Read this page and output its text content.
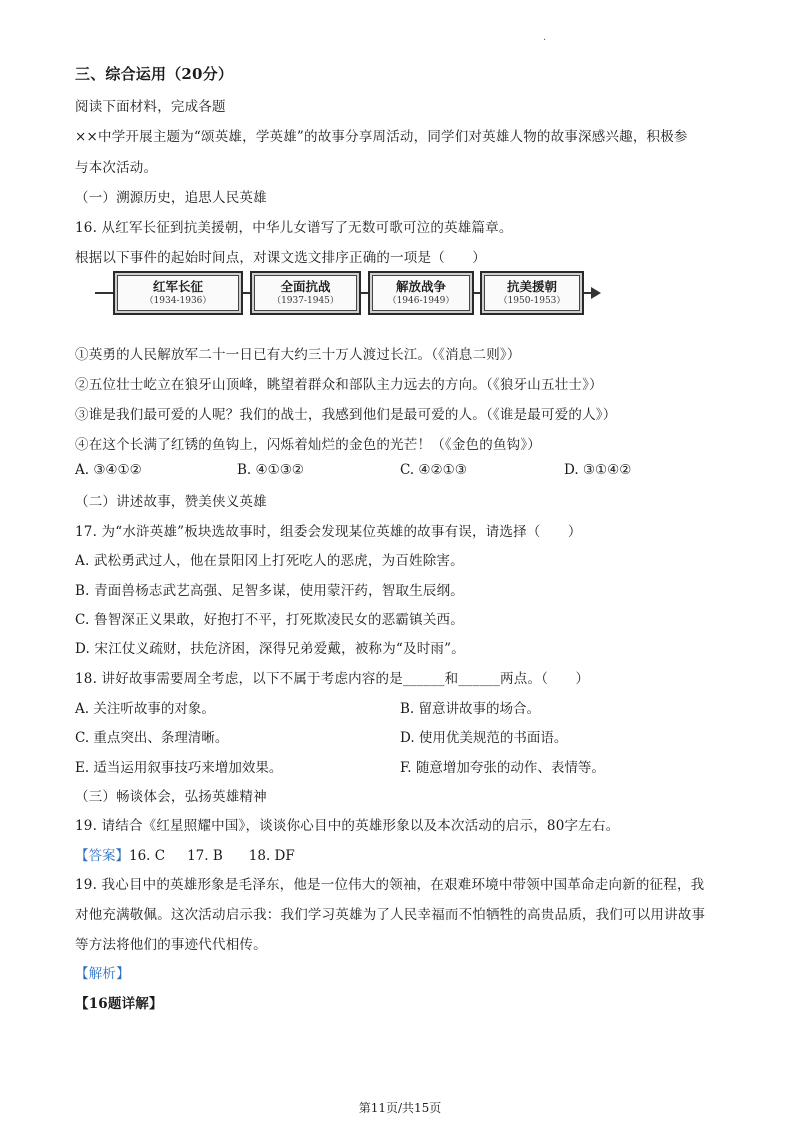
.
三、综合运用（20分）
阅读下面材料，完成各题
××中学开展主题为“颂英雄，学英雄”的故事分享周活动，同学们对英雄人物的故事深感兴趣，积极参
与本次活动。
（一）溯源历史，追思人民英雄
16. 从红军长征到抗美援朝，中华儿女谱写了无数可歌可泣的英雄篇章。
根据以下事件的起始时间点，对课文选文排序正确的一项是（　　）
红军长征
（1934-1936）
全面抗战
（1937-1945）
解放战争
（1946-1949）
抗美援朝
（1950-1953）
①英勇的人民解放军二十一日已有大约三十万人渡过长江。（《消息二则》）
②五位壮士屹立在狼牙山顶峰，眺望着群众和部队主力远去的方向。（《狼牙山五壮士》）
③谁是我们最可爱的人呢？我们的战士，我感到他们是最可爱的人。（《谁是最可爱的人》）
④在这个长满了红锈的鱼钩上，闪烁着灿烂的金色的光芒！（《金色的鱼钩》）
A. ③④①②	B. ④①③②	C. ④②①③	D. ③①④②
（二）讲述故事，赞美侠义英雄
17. 为“水浒英雄”板块选故事时，组委会发现某位英雄的故事有误，请选择（　　）
A. 武松勇武过人，他在景阳冈上打死吃人的恶虎，为百姓除害。
B. 青面兽杨志武艺高强、足智多谋，使用蒙汗药，智取生辰纲。
C. 鲁智深正义果敢，好抱打不平，打死欺凌民女的恶霸镇关西。
D. 宋江仗义疏财，扶危济困，深得兄弟爱戴，被称为“及时雨”。
18. 讲好故事需要周全考虑，以下不属于考虑内容的是______和______两点。（　　）
A. 关注听故事的对象。	B. 留意讲故事的场合。
C. 重点突出、条理清晰。	D. 使用优美规范的书面语。
E. 适当运用叙事技巧来增加效果。	F. 随意增加夸张的动作、表情等。
（三）畅谈体会，弘扬英雄精神
19. 请结合《红星照耀中国》，谈谈你心目中的英雄形象以及本次活动的启示，80字左右。
【答案】16. C 17. B 18. DF
19. 我心目中的英雄形象是毛泽东，他是一位伟大的领袖，在艰难环境中带领中国革命走向新的征程，我
对他充满敬佩。这次活动启示我：我们学习英雄为了人民幸福而不怕牺牲的高贵品质，我们可以用讲故事
等方法将他们的事迹代代相传。
【解析】
【16题详解】
第11页/共15页
